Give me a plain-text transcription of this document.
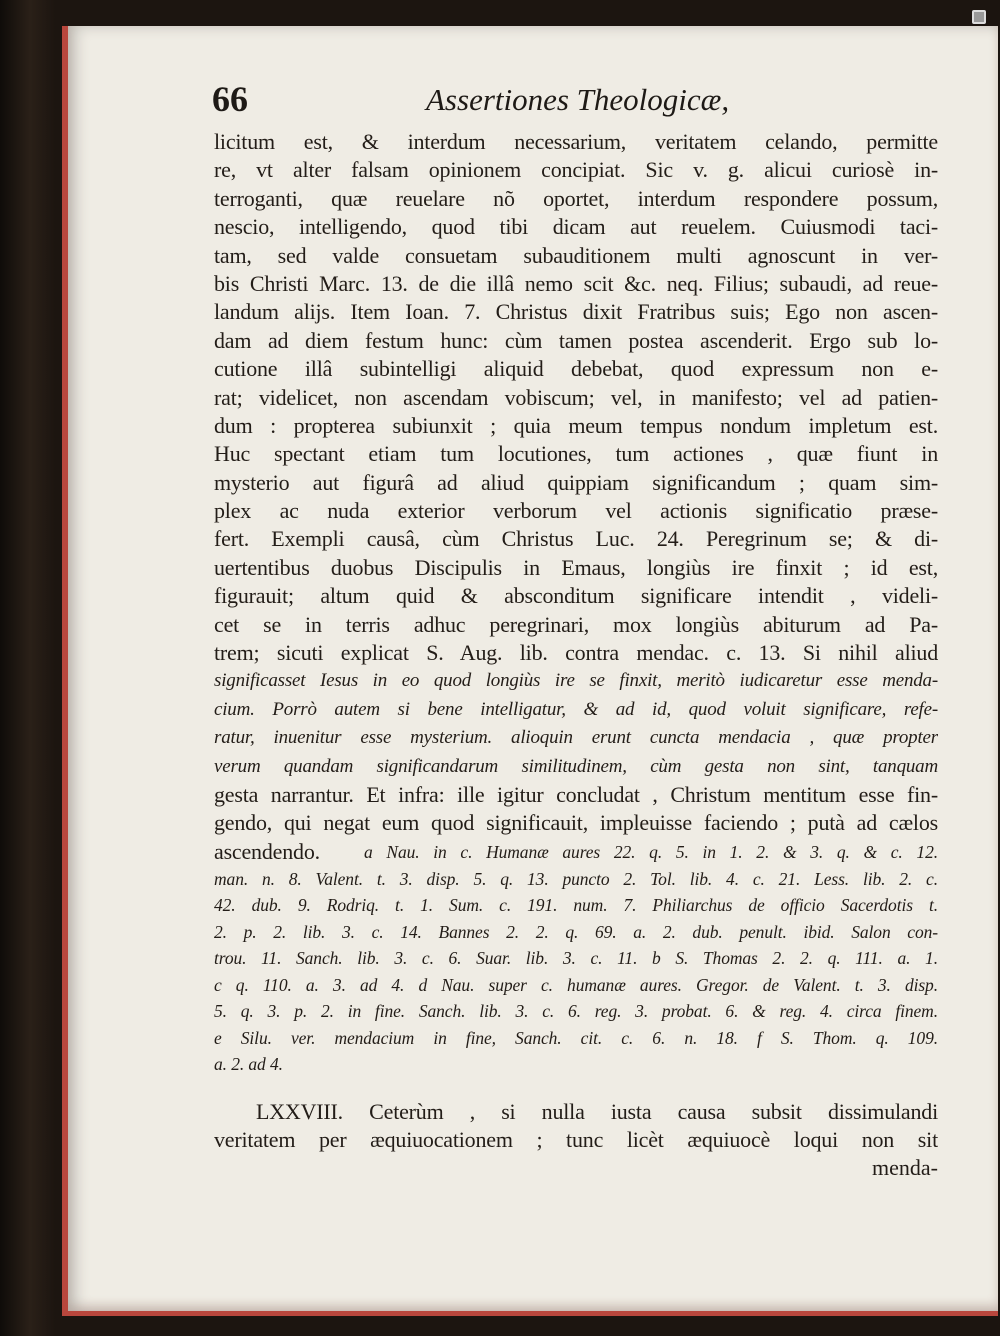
66	Assertiones Theologicæ,
licitum est, & interdum necessarium, veritatem celando, permitte
re, vt alter falsam opinionem concipiat. Sic v. g. alicui curiosè in-
terroganti, quæ reuelare nõ oportet, interdum respondere possum,
nescio, intelligendo, quod tibi dicam aut reuelem. Cuiusmodi taci-
tam, sed valde consuetam subauditionem multi agnoscunt in ver-
bis Christi Marc. 13. de die illâ nemo scit &c. neq. Filius; subaudi, ad reue-
landum alijs. Item Ioan. 7. Christus dixit Fratribus suis; Ego non ascen-
dam ad diem festum hunc: cùm tamen postea ascenderit. Ergo sub lo-
cutione illâ subintelligi aliquid debebat, quod expressum non e-
rat; videlicet, non ascendam vobiscum; vel, in manifesto; vel ad patien-
dum : propterea subiunxit ; quia meum tempus nondum impletum est.
Huc spectant etiam tum locutiones, tum actiones , quæ fiunt in
mysterio aut figurâ ad aliud quippiam significandum ; quam sim-
plex ac nuda exterior verborum vel actionis significatio præse-
fert. Exempli causâ, cùm Christus Luc. 24. Peregrinum se; & di-
uertentibus duobus Discipulis in Emaus, longiùs ire finxit ; id est,
figurauit; altum quid & absconditum significare intendit , videli-
cet se in terris adhuc peregrinari, mox longiùs abiturum ad Pa-
trem; sicuti explicat S. Aug. lib. contra mendac. c. 13. Si nihil aliud
significasset Iesus in eo quod longiùs ire se finxit, meritò iudicaretur esse menda-
cium. Porrò autem si bene intelligatur, & ad id, quod voluit significare, refe-
ratur, inuenitur esse mysterium. alioquin erunt cuncta mendacia , quæ propter
verum quandam significandarum similitudinem, cùm gesta non sint, tanquam
gesta narrantur. Et infra: ille igitur concludat , Christum mentitum esse fin-
gendo, qui negat eum quod significauit, impleuisse faciendo ; putà ad cælos
ascendendo.	a Nau. in c. Humanæ aures 22. q. 5. in 1. 2. & 3. q. & c. 12.
man. n. 8. Valent. t. 3. disp. 5. q. 13. puncto 2. Tol. lib. 4. c. 21. Less. lib. 2. c.
42. dub. 9. Rodriq. t. 1. Sum. c. 191. num. 7. Philiarchus de officio Sacerdotis t.
2. p. 2. lib. 3. c. 14. Bannes 2. 2. q. 69. a. 2. dub. penult. ibid. Salon con-
trou. 11. Sanch. lib. 3. c. 6. Suar. lib. 3. c. 11. b S. Thomas 2. 2. q. 111. a. 1.
c q. 110. a. 3. ad 4. d Nau. super c. humanæ aures. Gregor. de Valent. t. 3. disp.
5. q. 3. p. 2. in fine. Sanch. lib. 3. c. 6. reg. 3. probat. 6. & reg. 4. circa finem.
e Silu. ver. mendacium in fine, Sanch. cit. c. 6. n. 18. f S. Thom. q. 109.
a. 2. ad 4.
LXXVIII. Ceterùm , si nulla iusta causa subsit dissimulandi
veritatem per æquiuocationem ; tunc licèt æquiuocè loqui non sit
menda-
